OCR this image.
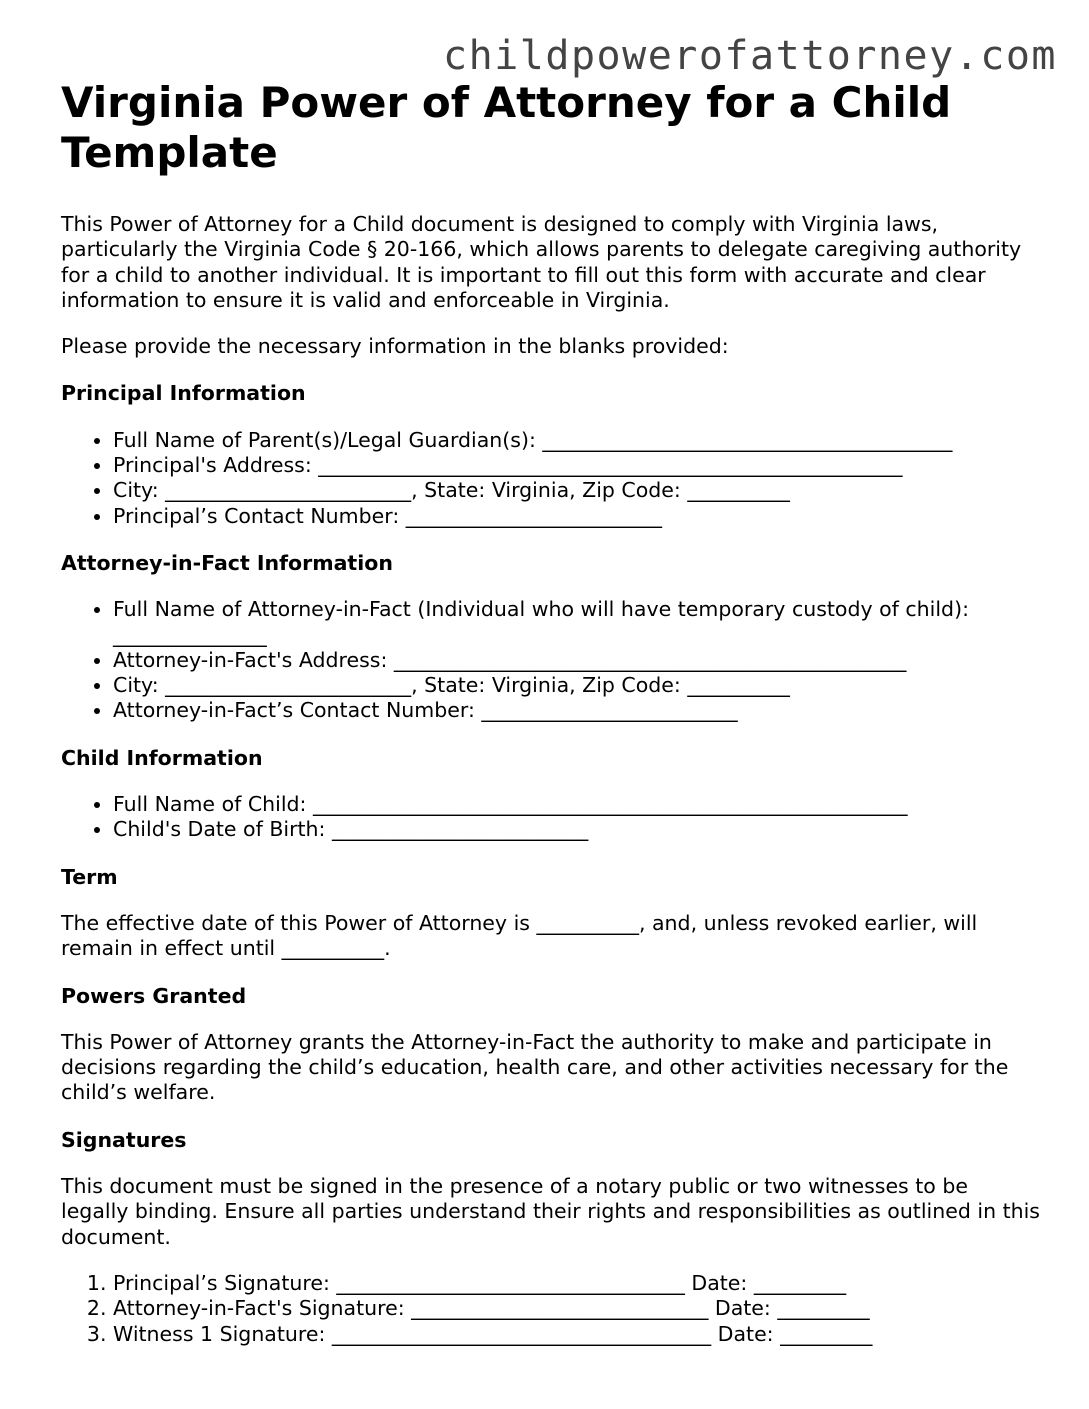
childpowerofattorney.com
Virginia Power of Attorney for a Child Template

This Power of Attorney for a Child document is designed to comply with Virginia laws, particularly the Virginia Code § 20-166, which allows parents to delegate caregiving authority for a child to another individual. It is important to fill out this form with accurate and clear information to ensure it is valid and enforceable in Virginia.

Please provide the necessary information in the blanks provided:

Principal Information
• Full Name of Parent(s)/Legal Guardian(s): ________________________________________
• Principal's Address: _________________________________________________________
• City: ________________________, State: Virginia, Zip Code: __________
• Principal’s Contact Number: _________________________
Attorney-in-Fact Information
• Full Name of Attorney-in-Fact (Individual who will have temporary custody of child):
_______________
• Attorney-in-Fact's Address: __________________________________________________
• City: ________________________, State: Virginia, Zip Code: __________
• Attorney-in-Fact’s Contact Number: _________________________
Child Information
• Full Name of Child: __________________________________________________________
• Child's Date of Birth: _________________________
Term

The effective date of this Power of Attorney is __________, and, unless revoked earlier, will remain in effect until __________.

Powers Granted

This Power of Attorney grants the Attorney-in-Fact the authority to make and participate in decisions regarding the child’s education, health care, and other activities necessary for the child’s welfare.

Signatures

This document must be signed in the presence of a notary public or two witnesses to be legally binding. Ensure all parties understand their rights and responsibilities as outlined in this document.

1. Principal’s Signature: __________________________________ Date: _________
2. Attorney-in-Fact's Signature: _____________________________ Date: _________
3. Witness 1 Signature: _____________________________________ Date: _________
